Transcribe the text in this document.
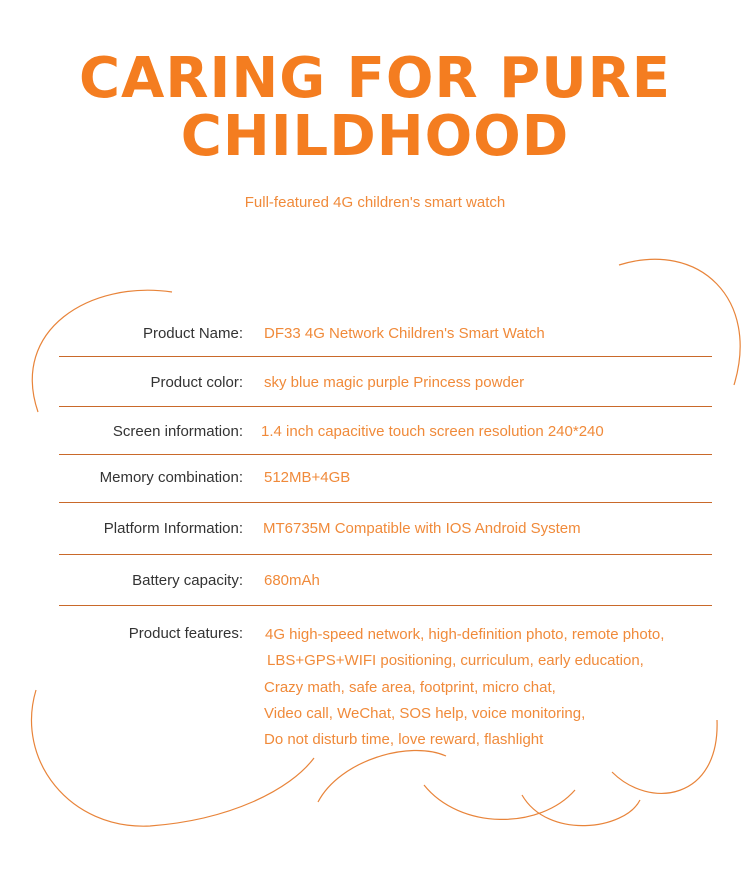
CARING FOR PURE
CHILDHOOD

Full-featured 4G children's smart watch

Product Name: DF33 4G Network Children's Smart Watch
Product color: sky blue magic purple Princess powder
Screen information: 1.4 inch capacitive touch screen resolution 240*240
Memory combination: 512MB+4GB
Platform Information: MT6735M Compatible with IOS Android System
Battery capacity: 680mAh
Product features: 4G high-speed network, high-definition photo, remote photo,
LBS+GPS+WIFI positioning, curriculum, early education,
Crazy math, safe area, footprint, micro chat,
Video call, WeChat, SOS help, voice monitoring,
Do not disturb time, love reward, flashlight
